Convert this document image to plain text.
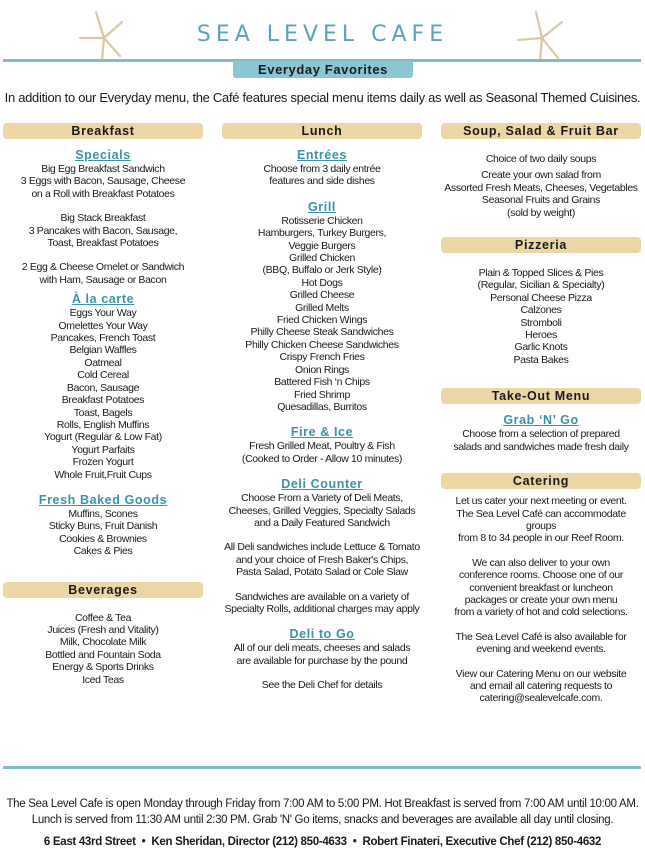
SEA LEVEL CAFE
Everyday Favorites
In addition to our Everyday menu, the Café features special menu items daily as well as Seasonal Themed Cuisines.
Breakfast
Specials
Big Egg Breakfast Sandwich
3 Eggs with Bacon, Sausage, Cheese
on a Roll with Breakfast Potatoes
Big Stack Breakfast
3 Pancakes with Bacon, Sausage,
Toast, Breakfast Potatoes
2 Egg & Cheese Omelet or Sandwich
with Ham, Sausage or Bacon
À la carte
Eggs Your Way
Omelettes Your Way
Pancakes, French Toast
Belgian Waffles
Oatmeal
Cold Cereal
Bacon, Sausage
Breakfast Potatoes
Toast, Bagels
Rolls, English Muffins
Yogurt (Regular & Low Fat)
Yogurt Parfaits
Frozen Yogurt
Whole Fruit,Fruit Cups
Fresh Baked Goods
Muffins, Scones
Sticky Buns, Fruit Danish
Cookies & Brownies
Cakes & Pies
Beverages
Coffee & Tea
Juices (Fresh and Vitality)
Milk, Chocolate Milk
Bottled and Fountain Soda
Energy & Sports Drinks
Iced Teas
Lunch
Entrées
Choose from 3 daily entrée
features and side dishes
Grill
Rotisserie Chicken
Hamburgers, Turkey Burgers,
Veggie Burgers
Grilled Chicken
(BBQ, Buffalo or Jerk Style)
Hot Dogs
Grilled Cheese
Grilled Melts
Fried Chicken Wings
Philly Cheese Steak Sandwiches
Philly Chicken Cheese Sandwiches
Crispy French Fries
Onion Rings
Battered Fish ‘n Chips
Fried Shrimp
Quesadillas, Burritos
Fire & Ice
Fresh Grilled Meat, Poultry & Fish
(Cooked to Order - Allow 10 minutes)
Deli Counter
Choose From a Variety of Deli Meats,
Cheeses, Grilled Veggies, Specialty Salads
and a Daily Featured Sandwich
All Deli sandwiches include Lettuce & Tomato
and your choice of Fresh Baker's Chips,
Pasta Salad, Potato Salad or Cole Slaw
Sandwiches are available on a variety of
Specialty Rolls, additional charges may apply
Deli to Go
All of our deli meats, cheeses and salads
are available for purchase by the pound
See the Deli Chef for details
Soup, Salad & Fruit Bar
Choice of two daily soups
Create your own salad from
Assorted Fresh Meats, Cheeses, Vegetables
Seasonal Fruits and Grains
(sold by weight)
Pizzeria
Plain & Topped Slices & Pies
(Regular, Sicilian & Specialty)
Personal Cheese Pizza
Calzones
Stromboli
Heroes
Garlic Knots
Pasta Bakes
Take-Out Menu
Grab ‘N’ Go
Choose from a selection of prepared
salads and sandwiches made fresh daily
Catering
Let us cater your next meeting or event.
The Sea Level Café can accommodate groups
from 8 to 34 people in our Reef Room.
We can also deliver to your own
conference rooms. Choose one of our
convenient breakfast or luncheon
packages or create your own menu
from a variety of hot and cold selections.
The Sea Level Café is also available for
evening and weekend events.
View our Catering Menu on our website
and email all catering requests to
catering@sealevelcafe.com.
The Sea Level Cafe is open Monday through Friday from 7:00 AM to 5:00 PM. Hot Breakfast is served from 7:00 AM until 10:00 AM.
Lunch is served from 11:30 AM until 2:30 PM. Grab 'N' Go items, snacks and beverages are available all day until closing.
6 East 43rd Street • Ken Sheridan, Director (212) 850-4633 • Robert Finateri, Executive Chef (212) 850-4632
